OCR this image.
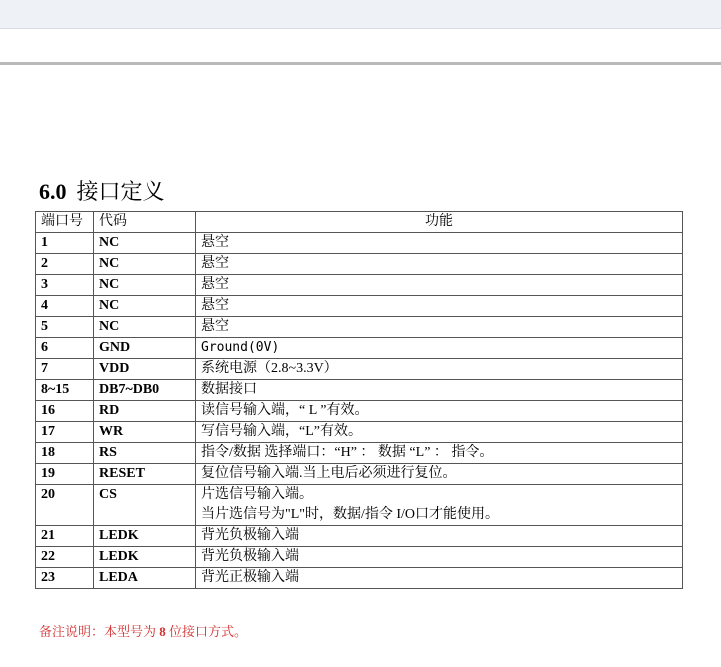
6.0 接口定义
端口号	代码	功能
1	NC	悬空

2	NC	悬空

3	NC	悬空

4	NC	悬空

5	NC	悬空

6	GND	Ground(0V)

7	VDD	系统电源（2.8~3.3V）

8~15	DB7~DB0	数据接口

16	RD	读信号输入端，“ L ”有效。

17	WR	写信号输入端，“L”有效。

18	RS	指令/数据 选择端口：“H” ： 数据 “L” ： 指令。

19	RESET	复位信号输入端.当上电后必须进行复位。

20	CS	片选信号输入端。
当片选信号为"L"时，数据/指令 I/O口才能使用。

21	LEDK	背光负极输入端

22	LEDK	背光负极输入端

23	LEDA	背光正极输入端
备注说明：本型号为 8 位接口方式。
